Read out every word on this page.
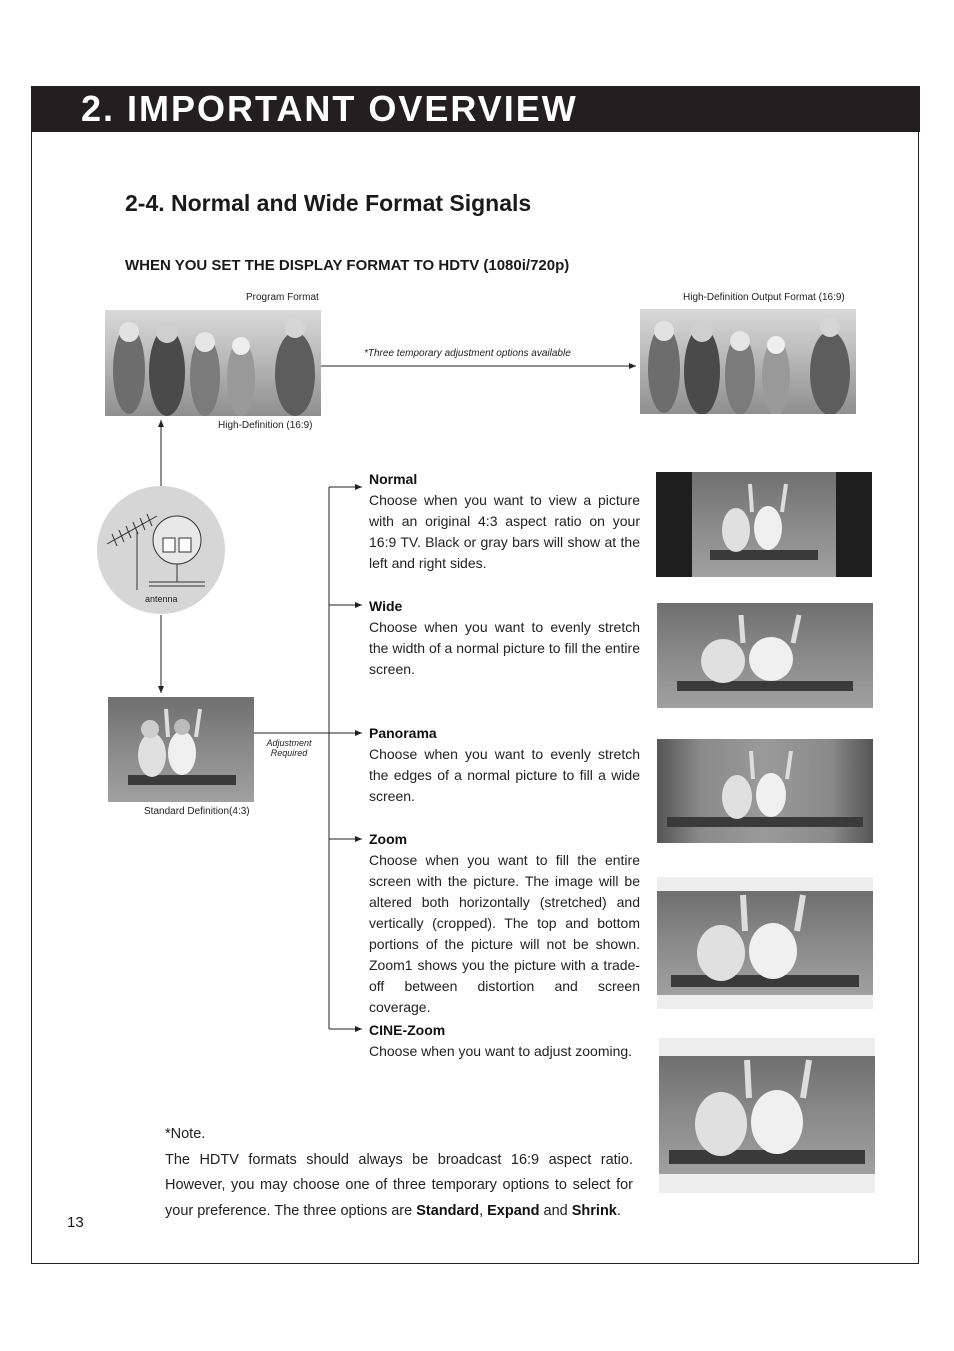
2. IMPORTANT OVERVIEW
2-4. Normal and Wide Format Signals
WHEN YOU SET THE DISPLAY FORMAT TO HDTV (1080i/720p)
Program Format	High-Definition Output Format (16:9)
*Three temporary adjustment options available
High-Definition (16:9)
antenna
Adjustment
Required
Standard Definition(4:3)
Normal
Choose when you want to view a picture with an original 4:3 aspect ratio on your 16:9 TV. Black or gray bars will show at the left and right sides.
Wide
Choose when you want to evenly stretch the width of a normal picture to fill the entire screen.
Panorama
Choose when you want to evenly stretch the edges of a normal picture to fill a wide screen.
Zoom
Choose when you want to fill the entire screen with the picture. The image will be altered both horizontally (stretched) and vertically (cropped). The top and bottom portions of the picture will not be shown. Zoom1 shows you the picture with a trade-off between distortion and screen coverage.
CINE-Zoom
Choose when you want to adjust zooming.
*Note.
The HDTV formats should always be broadcast 16:9 aspect ratio. However, you may choose one of three temporary options to select for your preference. The three options are Standard, Expand and Shrink.
13
